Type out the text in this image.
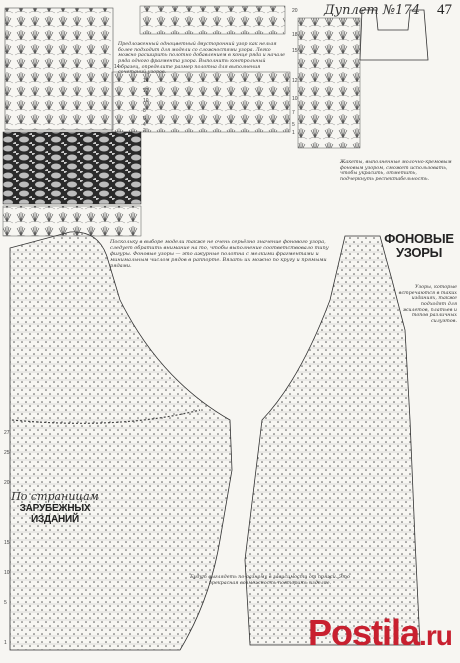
Дуплет №174 47
Предложенный одноцветный двусторонний узор как нельзя более подходит для модели со сложностями узора. Легко можно расширить полотно добавлением в конце ряда и начале ряда одного фрагмента узора. Выполнить контрольный образец, определите размер полотна для выполнения сочетаний узоров.
Жакеты, выполненные молочно-кремовым фоновым узором, сможет использовать, чтобы украсить, отметить, подчеркнуть респектабельность.
Поскольку в выборе модели также не очень серьёзно значение фонового узора, следует обратить внимание на то, чтобы выполнение соответствовало типу фигуры. Фоновые узоры — это ажурные полотна с мелкими фрагментами и минимальным числом рядов в раппорте. Вязать их можно по кругу и прямыми рядами.
Узоры, которые встречаются в таких изданиях, также подходят для жилетов, платьев и топов различных силуэтов.
Будут выглядеть по-разному в зависимости от пряжи. Это прекрасная возможность повторить изделие.
ФОНОВЫЕ УЗОРЫ
По страницам
ЗАРУБЕЖНЫХ ИЗДАНИЙ
20
18
15
14
12
10
7
5
1
14
12
10
8
6
4
2
27
25
20
15
10
5
1	Postila.ru
